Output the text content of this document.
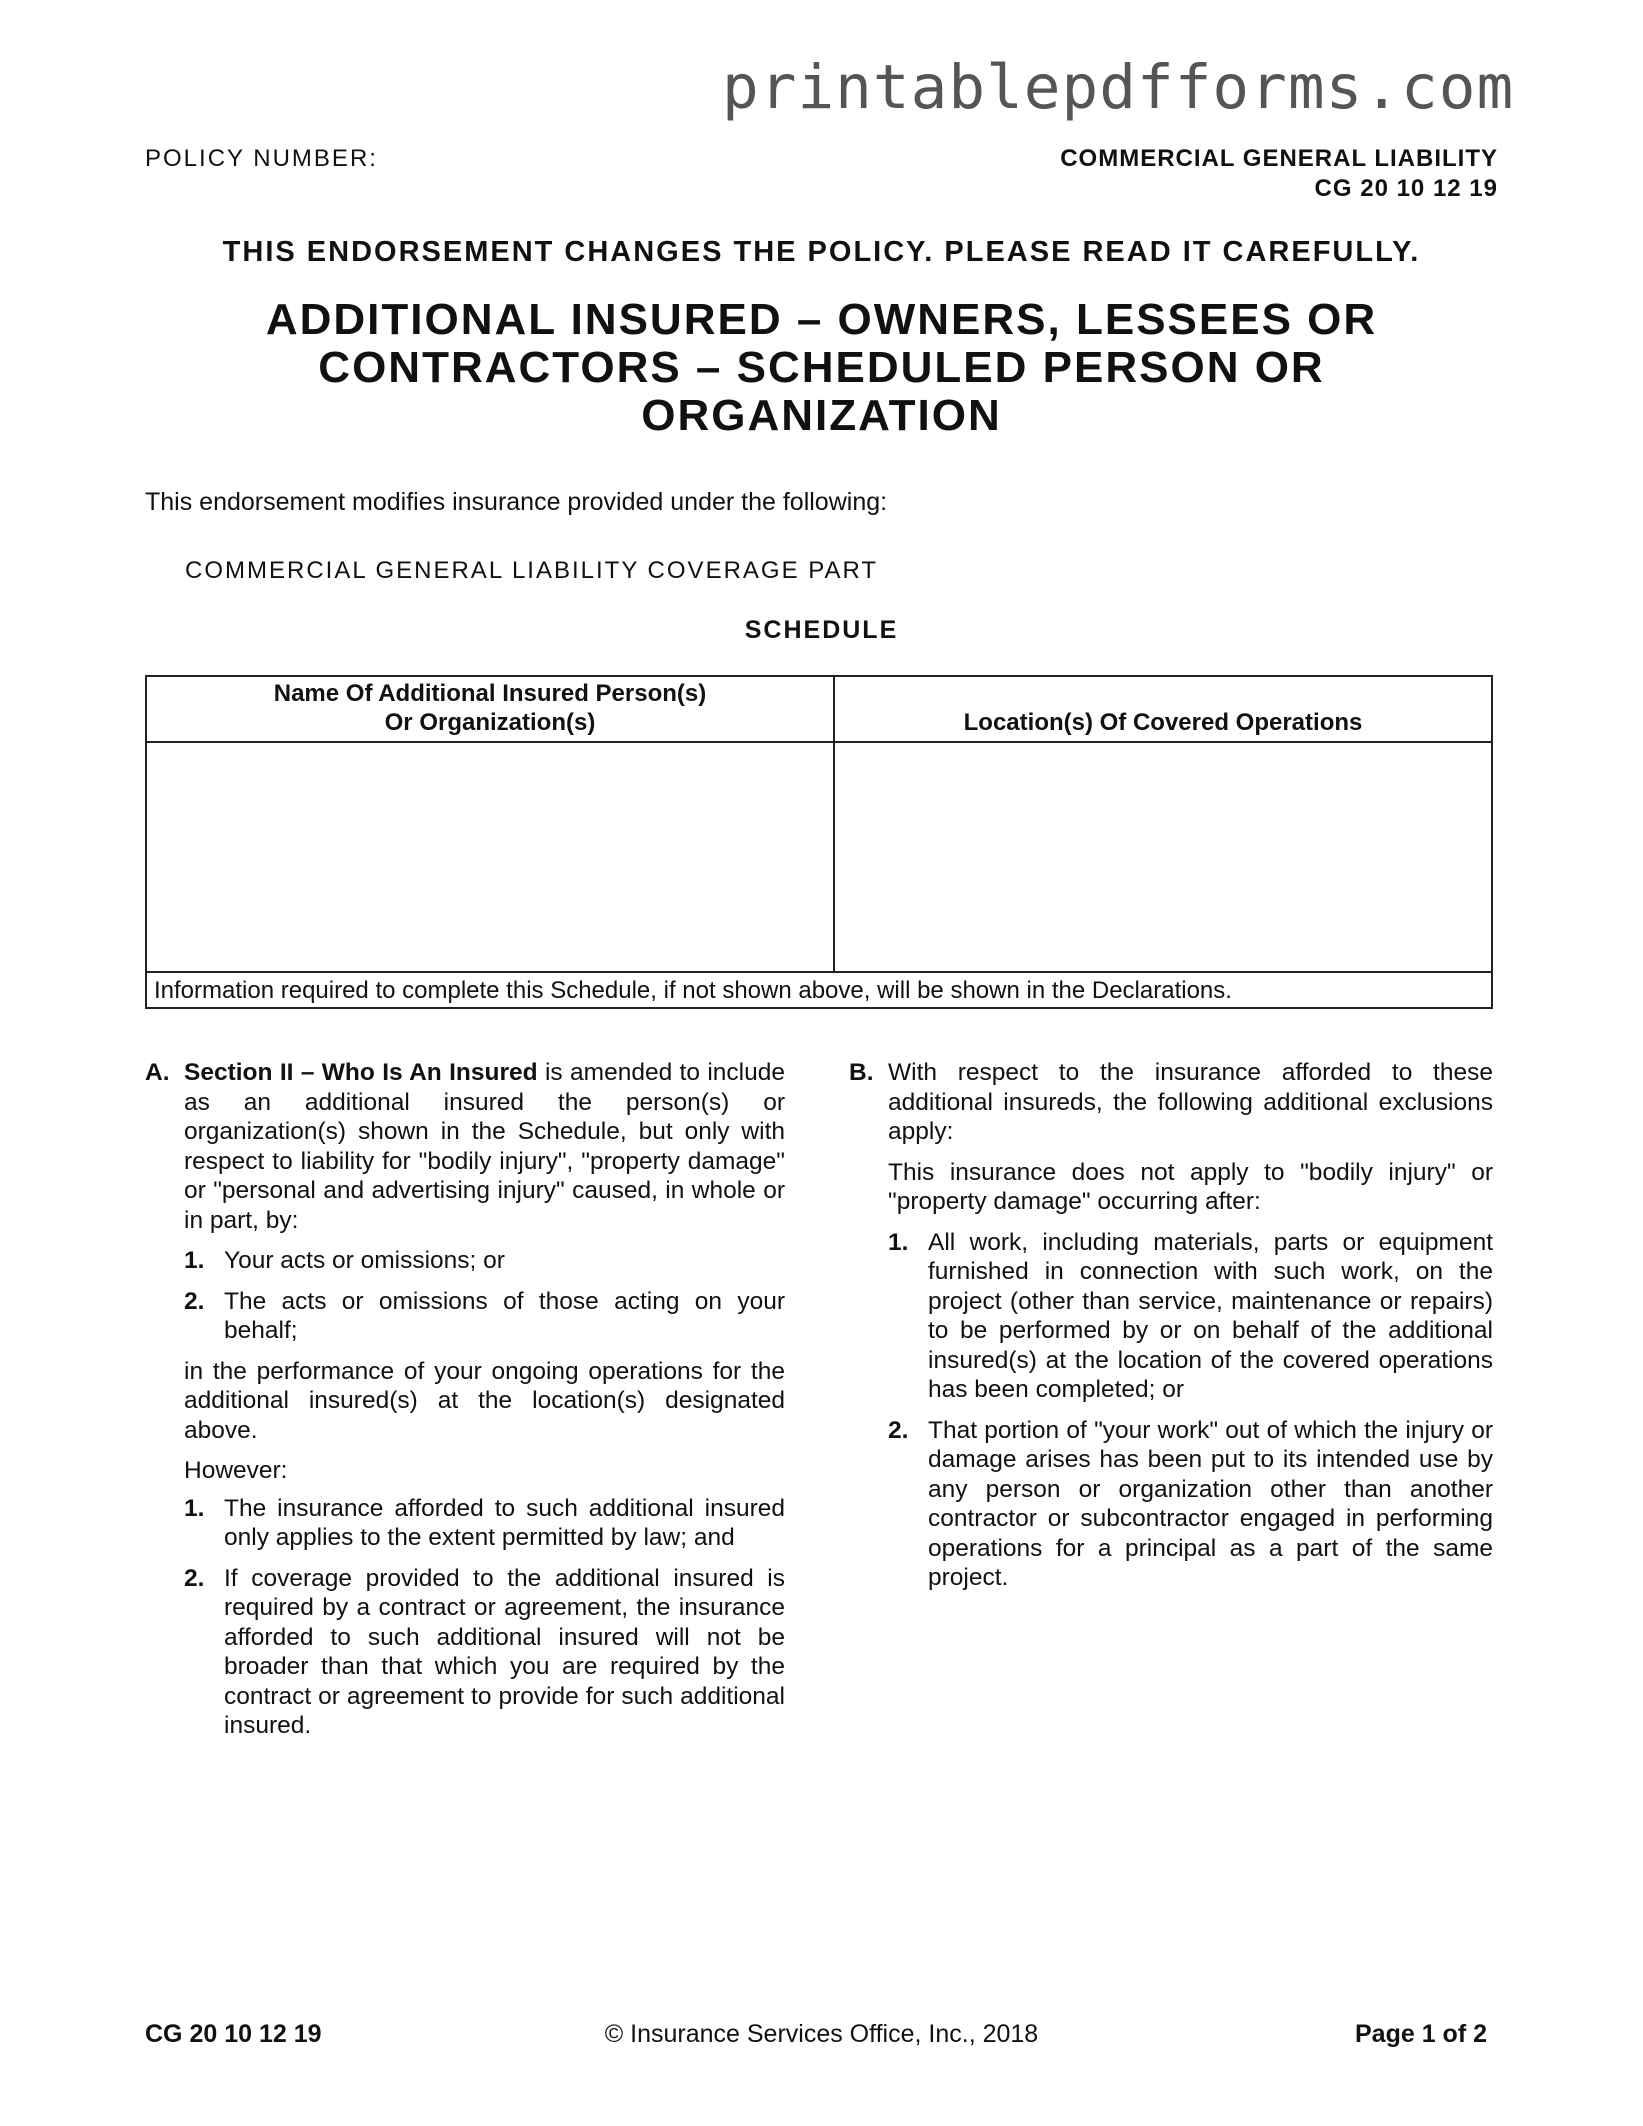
printablepdfforms.com
POLICY NUMBER:	COMMERCIAL GENERAL LIABILITY
CG 20 10 12 19
THIS ENDORSEMENT CHANGES THE POLICY. PLEASE READ IT CAREFULLY.
ADDITIONAL INSURED – OWNERS, LESSEES OR
CONTRACTORS – SCHEDULED PERSON OR
ORGANIZATION
This endorsement modifies insurance provided under the following:
COMMERCIAL GENERAL LIABILITY COVERAGE PART
SCHEDULE
Name Of Additional Insured Person(s)
Or Organization(s)	Location(s) Of Covered Operations
Information required to complete this Schedule, if not shown above, will be shown in the Declarations.
A. Section II – Who Is An Insured is amended to include as an additional insured the person(s) or organization(s) shown in the Schedule, but only with respect to liability for "bodily injury", "property damage" or "personal and advertising injury" caused, in whole or in part, by:
1. Your acts or omissions; or
2. The acts or omissions of those acting on your behalf;
in the performance of your ongoing operations for the additional insured(s) at the location(s) designated above.
However:
1. The insurance afforded to such additional insured only applies to the extent permitted by law; and
2. If coverage provided to the additional insured is required by a contract or agreement, the insurance afforded to such additional insured will not be broader than that which you are required by the contract or agreement to provide for such additional insured.
B. With respect to the insurance afforded to these additional insureds, the following additional exclusions apply:
This insurance does not apply to "bodily injury" or "property damage" occurring after:
1. All work, including materials, parts or equipment furnished in connection with such work, on the project (other than service, maintenance or repairs) to be performed by or on behalf of the additional insured(s) at the location of the covered operations has been completed; or
2. That portion of "your work" out of which the injury or damage arises has been put to its intended use by any person or organization other than another contractor or subcontractor engaged in performing operations for a principal as a part of the same project.
CG 20 10 12 19	© Insurance Services Office, Inc., 2018	Page 1 of 2
